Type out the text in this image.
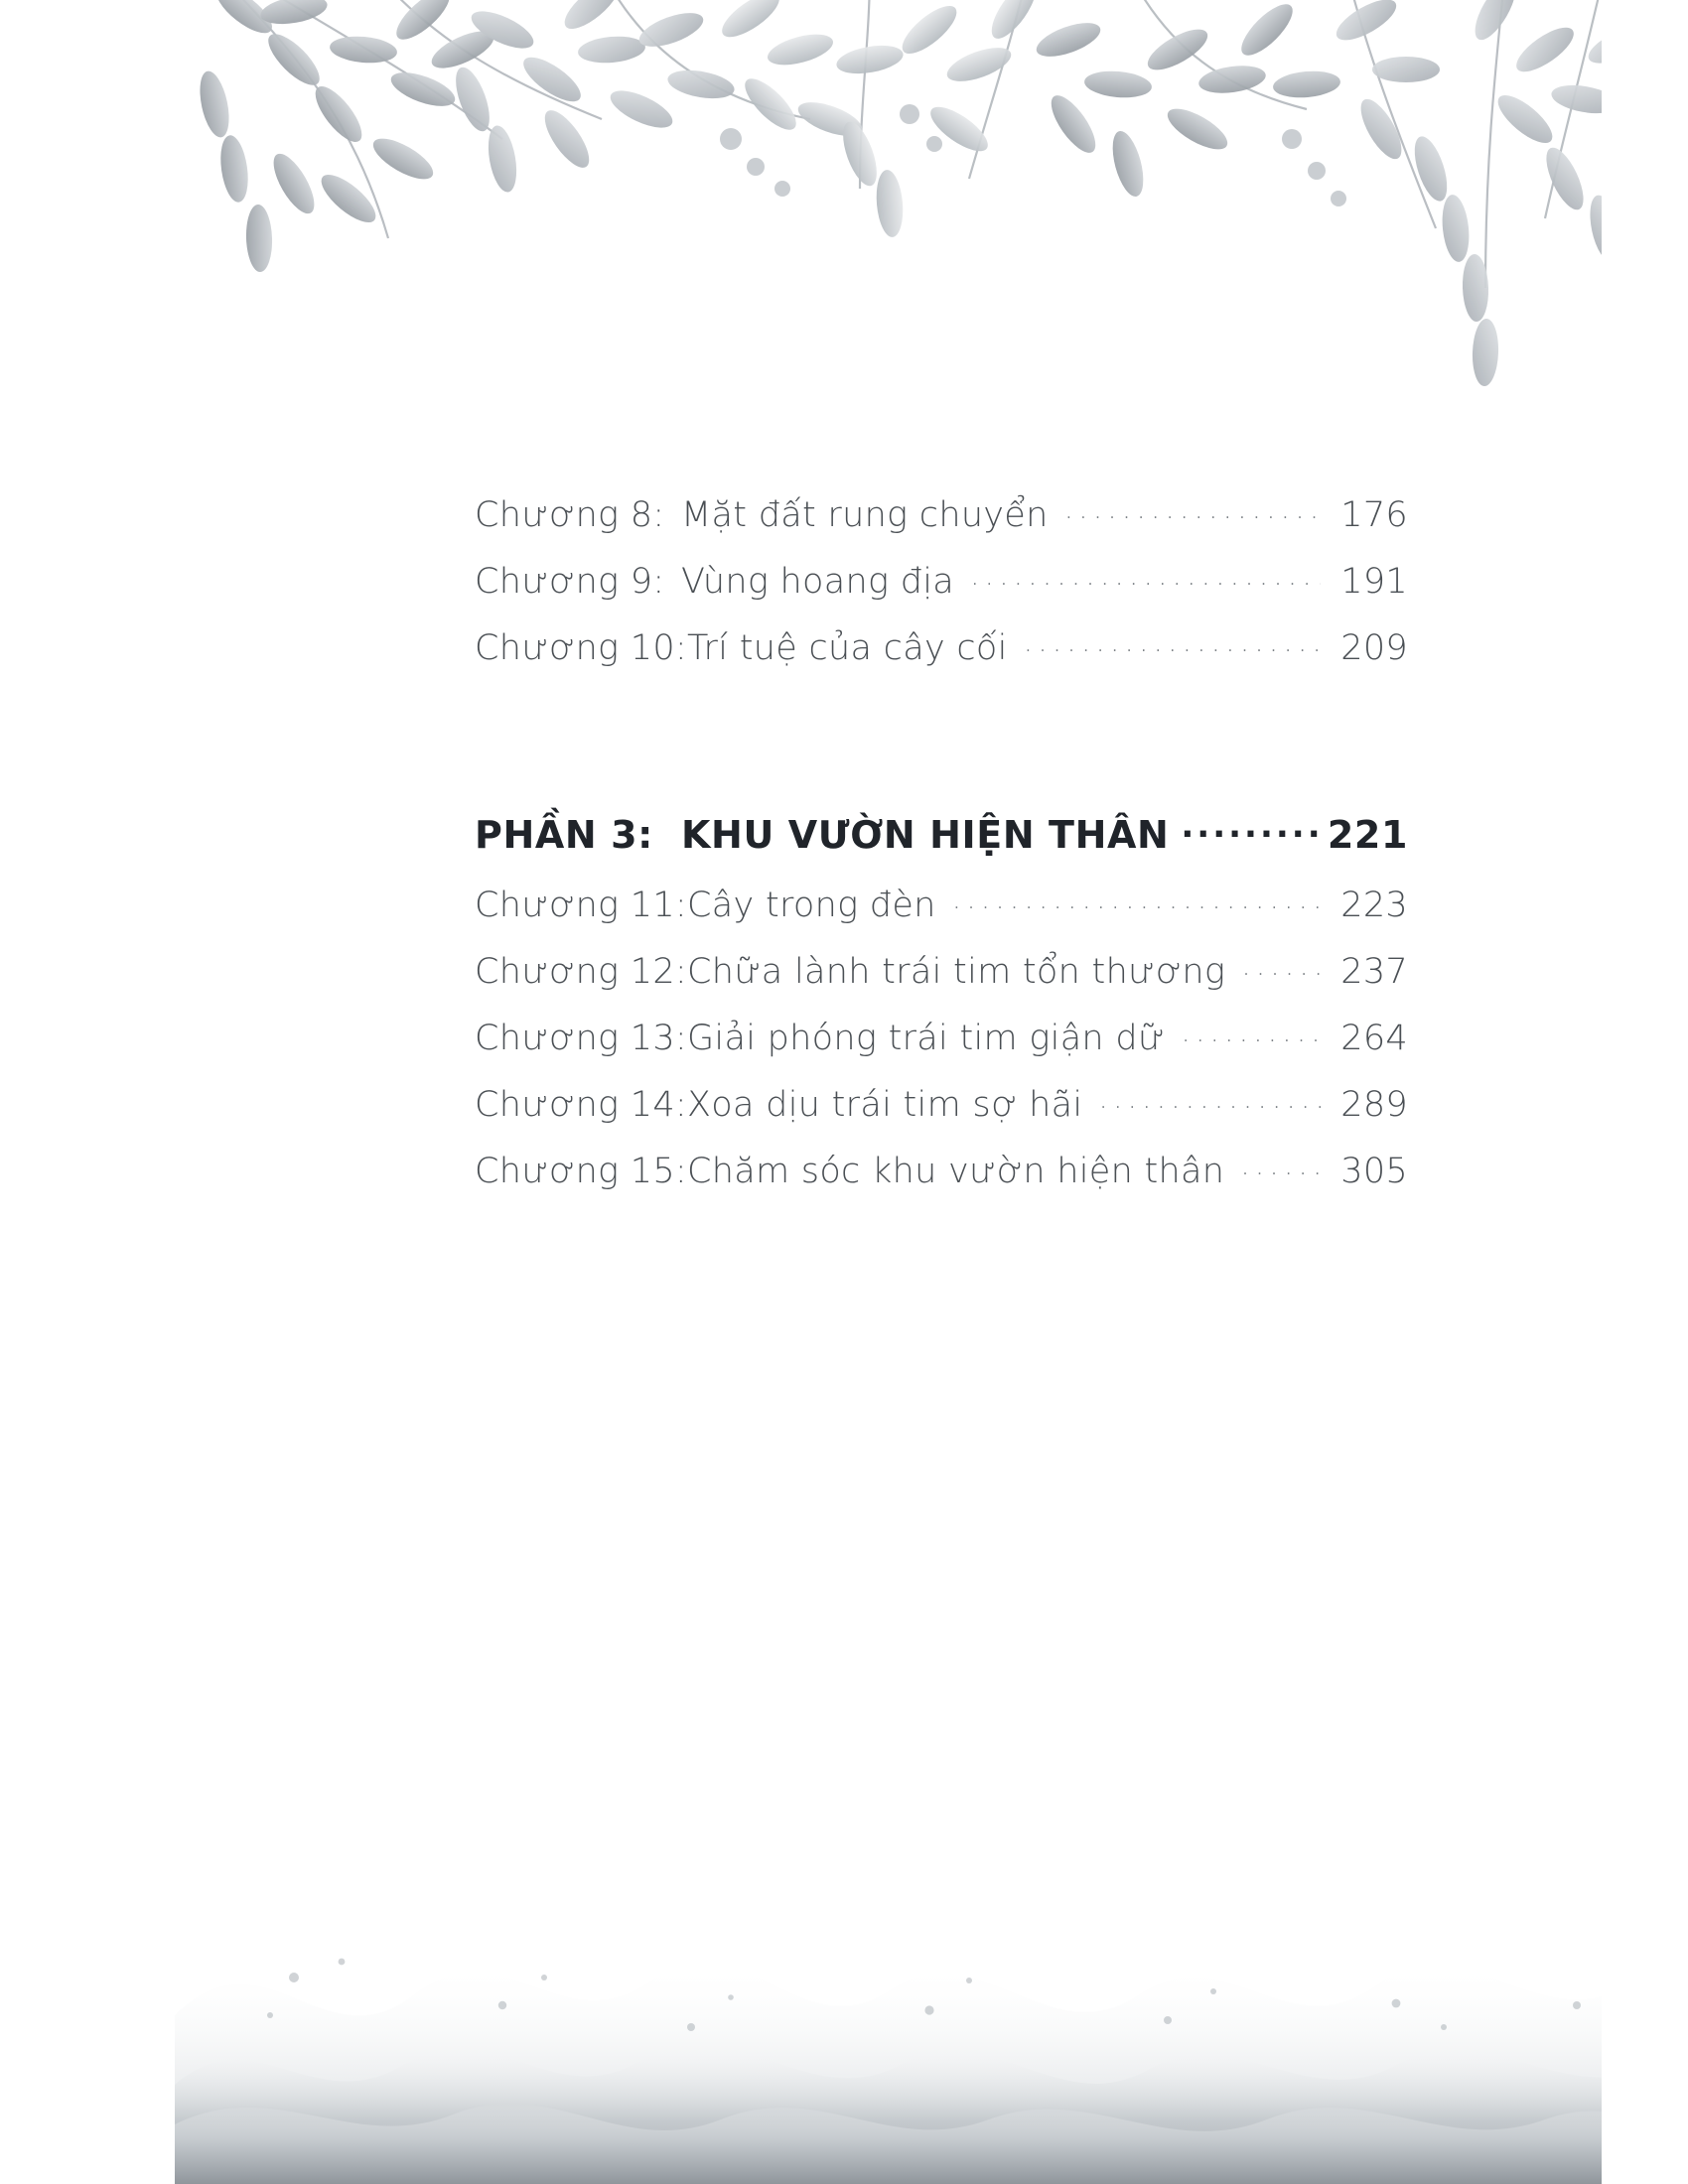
Chương 8: Mặt đất rung chuyển .....	176
Chương 9: Vùng hoang địa .....	191
Chương 10: Trí tuệ của cây cối .....	209
PHẦN 3: KHU VƯỜN HIỆN THÂN .....	221
Chương 11: Cây trong đèn .....	223
Chương 12: Chữa lành trái tim tổn thương .....	237
Chương 13: Giải phóng trái tim giận dữ .....	264
Chương 14: Xoa dịu trái tim sợ hãi .....	289
Chương 15: Chăm sóc khu vườn hiện thân .....	305
